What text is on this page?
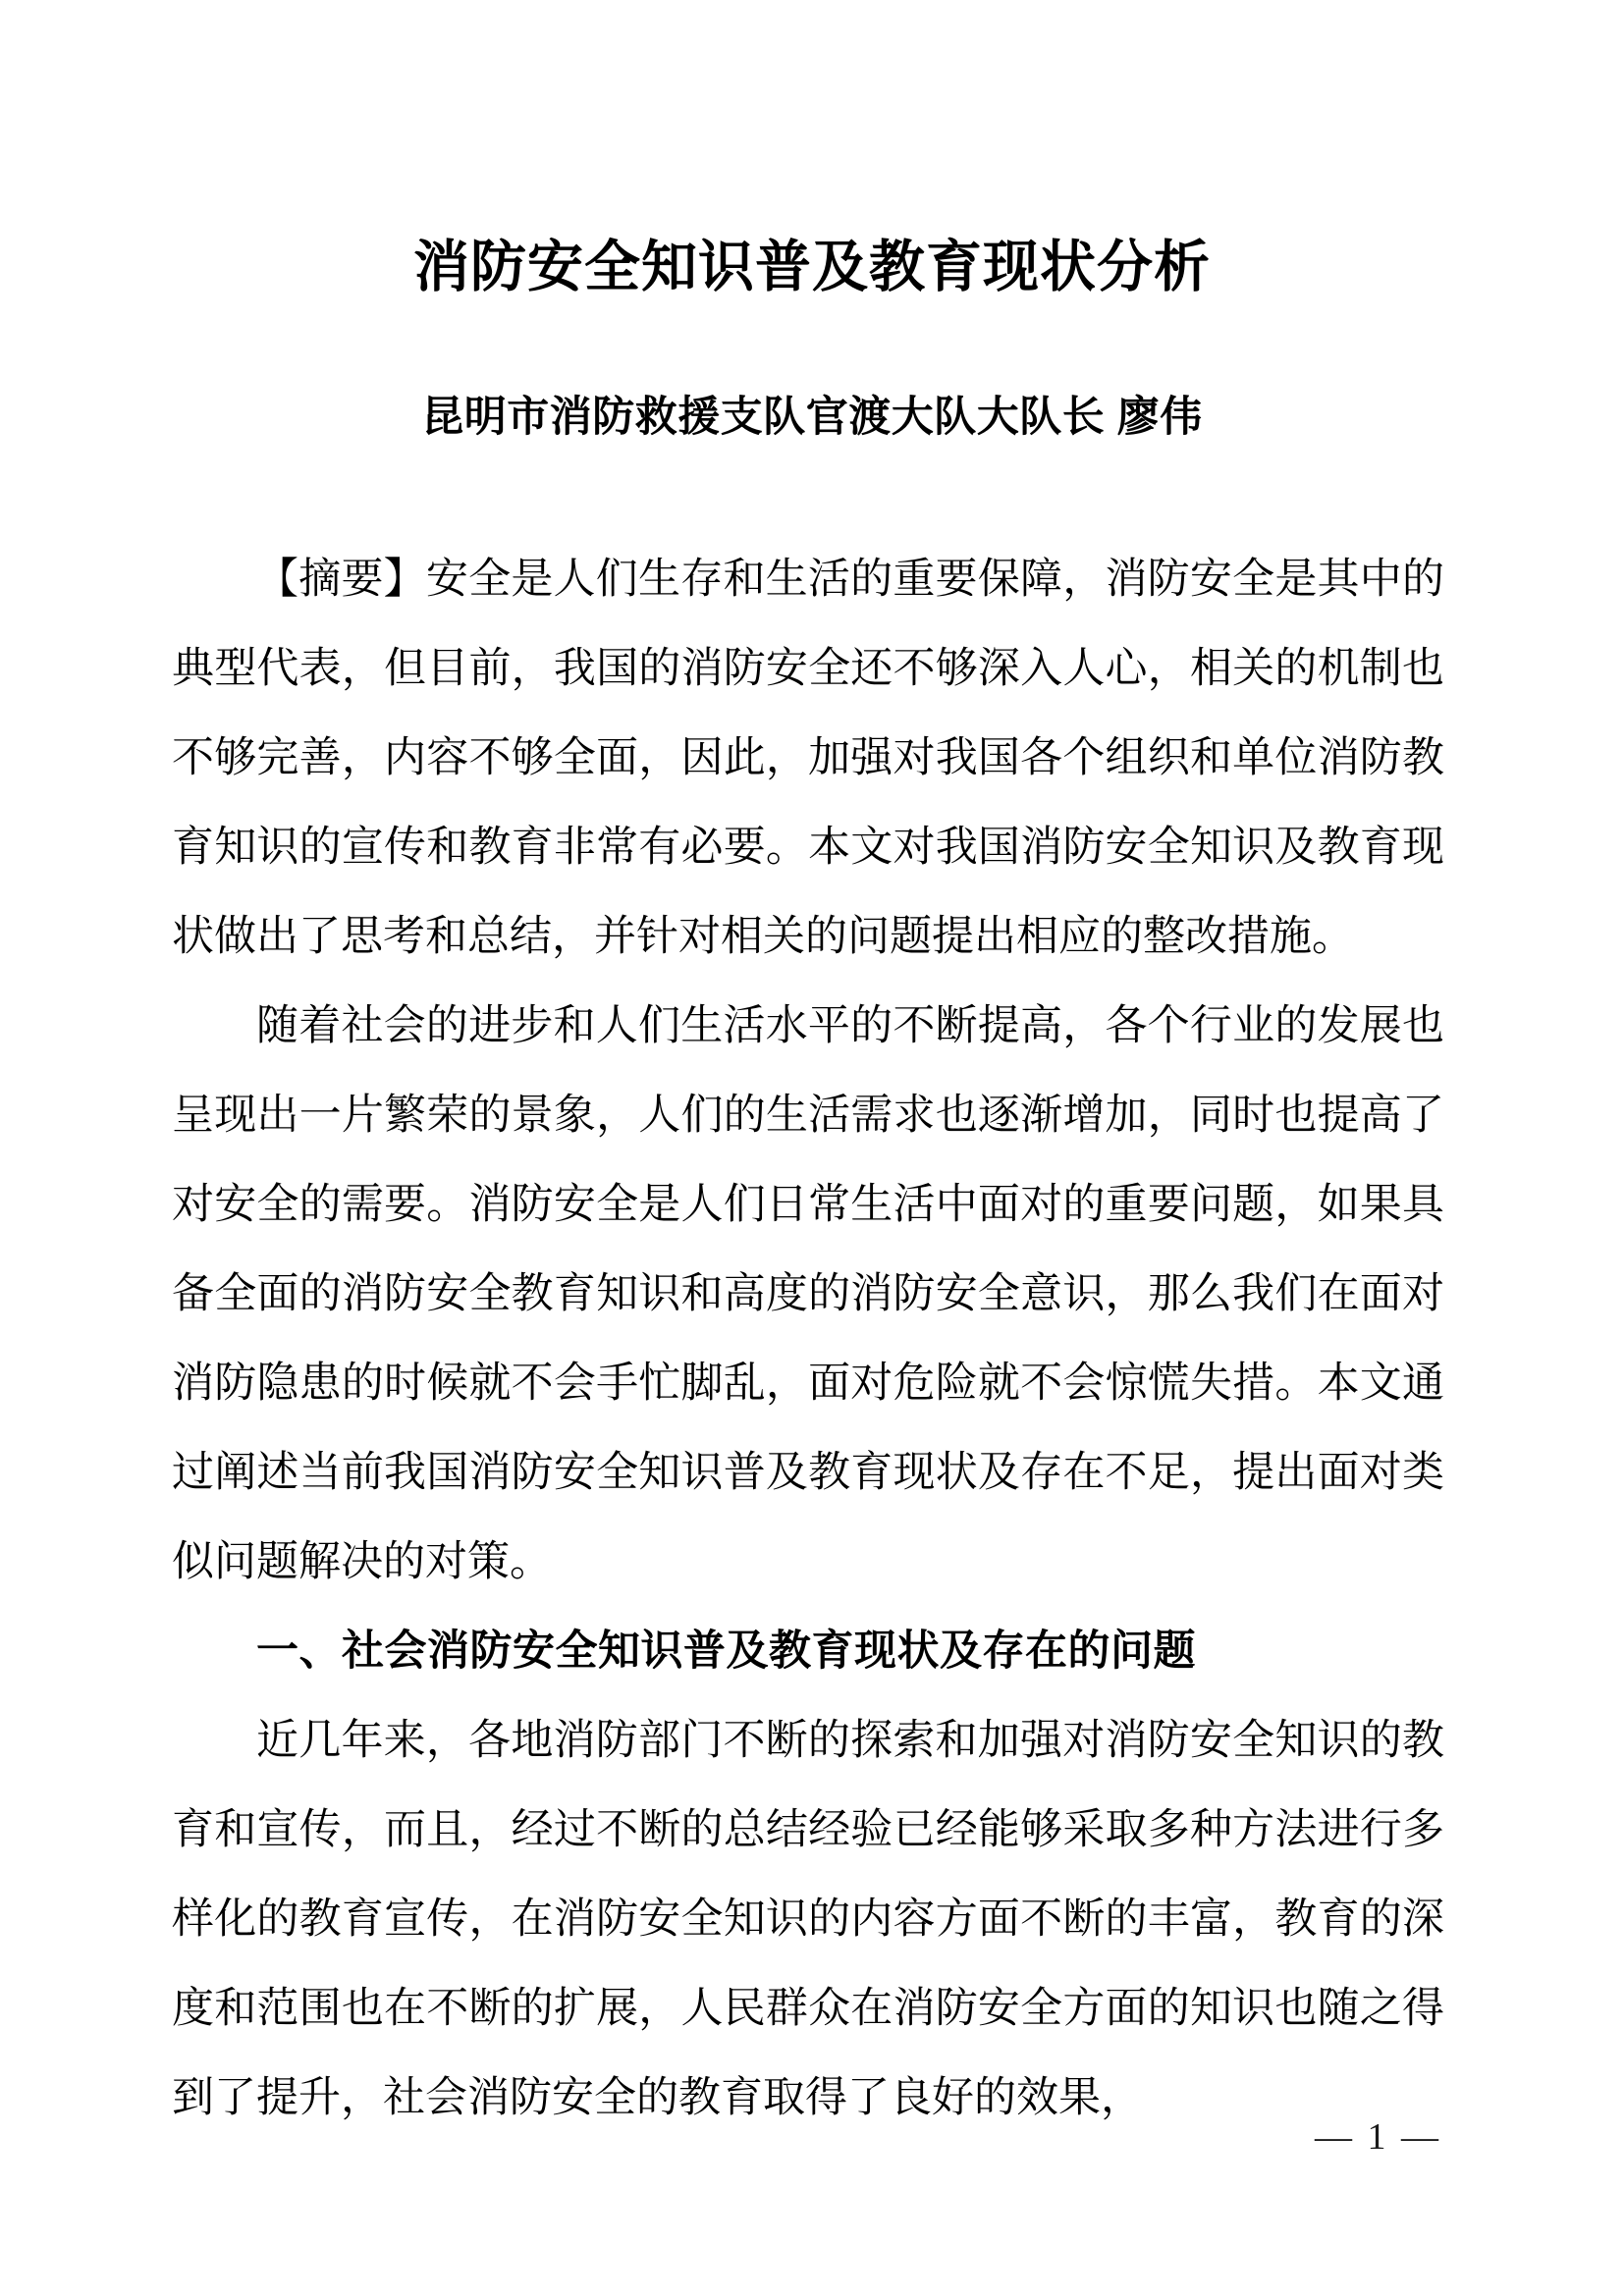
消防安全知识普及教育现状分析
昆明市消防救援支队官渡大队大队长 廖伟

【摘要】安全是人们生存和生活的重要保障，消防安全是其中的典型代表，但目前，我国的消防安全还不够深入人心，相关的机制也不够完善，内容不够全面，因此，加强对我国各个组织和单位消防教育知识的宣传和教育非常有必要。本文对我国消防安全知识及教育现状做出了思考和总结，并针对相关的问题提出相应的整改措施。

随着社会的进步和人们生活水平的不断提高，各个行业的发展也呈现出一片繁荣的景象，人们的生活需求也逐渐增加，同时也提高了对安全的需要。消防安全是人们日常生活中面对的重要问题，如果具备全面的消防安全教育知识和高度的消防安全意识，那么我们在面对消防隐患的时候就不会手忙脚乱，面对危险就不会惊慌失措。本文通过阐述当前我国消防安全知识普及教育现状及存在不足，提出面对类似问题解决的对策。

一、社会消防安全知识普及教育现状及存在的问题

近几年来，各地消防部门不断的探索和加强对消防安全知识的教育和宣传，而且，经过不断的总结经验已经能够采取多种方法进行多样化的教育宣传，在消防安全知识的内容方面不断的丰富，教育的深度和范围也在不断的扩展，人民群众在消防安全方面的知识也随之得到了提升，社会消防安全的教育取得了良好的效果，

— 1 —
